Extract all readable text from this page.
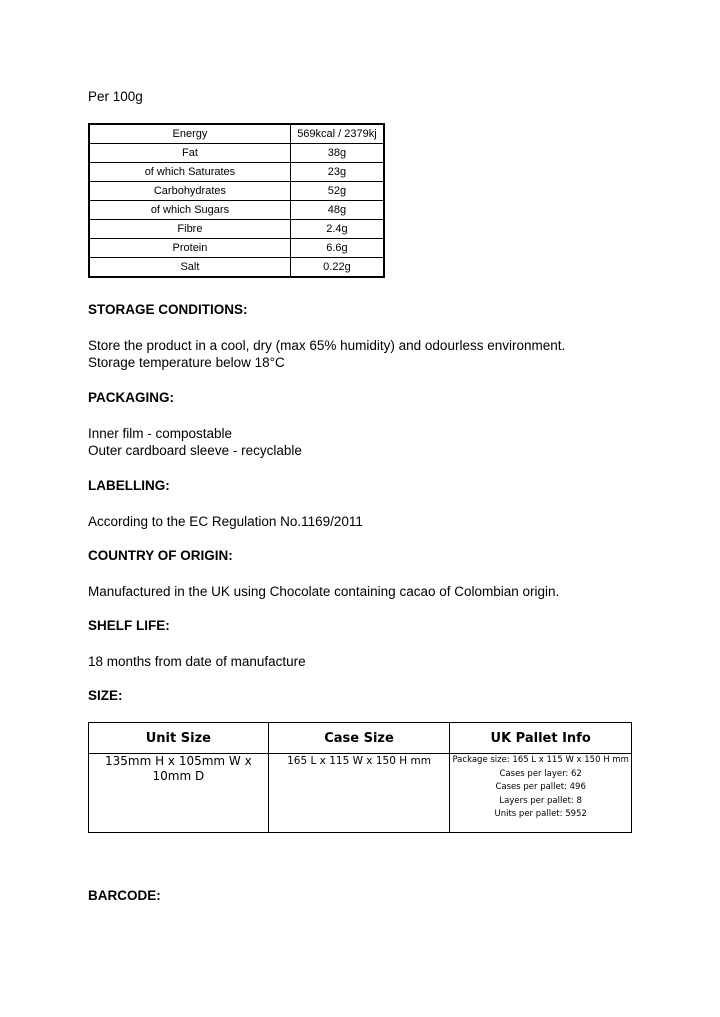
Per 100g
Energy	569kcal / 2379kj
Fat	38g
of which Saturates	23g
Carbohydrates	52g
of which Sugars	48g
Fibre	2.4g
Protein	6.6g
Salt	0.22g
STORAGE CONDITIONS:
Store the product in a cool, dry (max 65% humidity) and odourless environment.
Storage temperature below 18°C
PACKAGING:
Inner film - compostable
Outer cardboard sleeve - recyclable
LABELLING:
According to the EC Regulation No.1169/2011
COUNTRY OF ORIGIN:
Manufactured in the UK using Chocolate containing cacao of Colombian origin.
SHELF LIFE:
18 months from date of manufacture
SIZE:
Unit Size	Case Size	UK Pallet Info
135mm H x 105mm W x 10mm D	165 L x 115 W x 150 H mm	Package size: 165 L x 115 W x 150 H mm
Cases per layer: 62
Cases per pallet: 496
Layers per pallet: 8
Units per pallet: 5952
BARCODE:
